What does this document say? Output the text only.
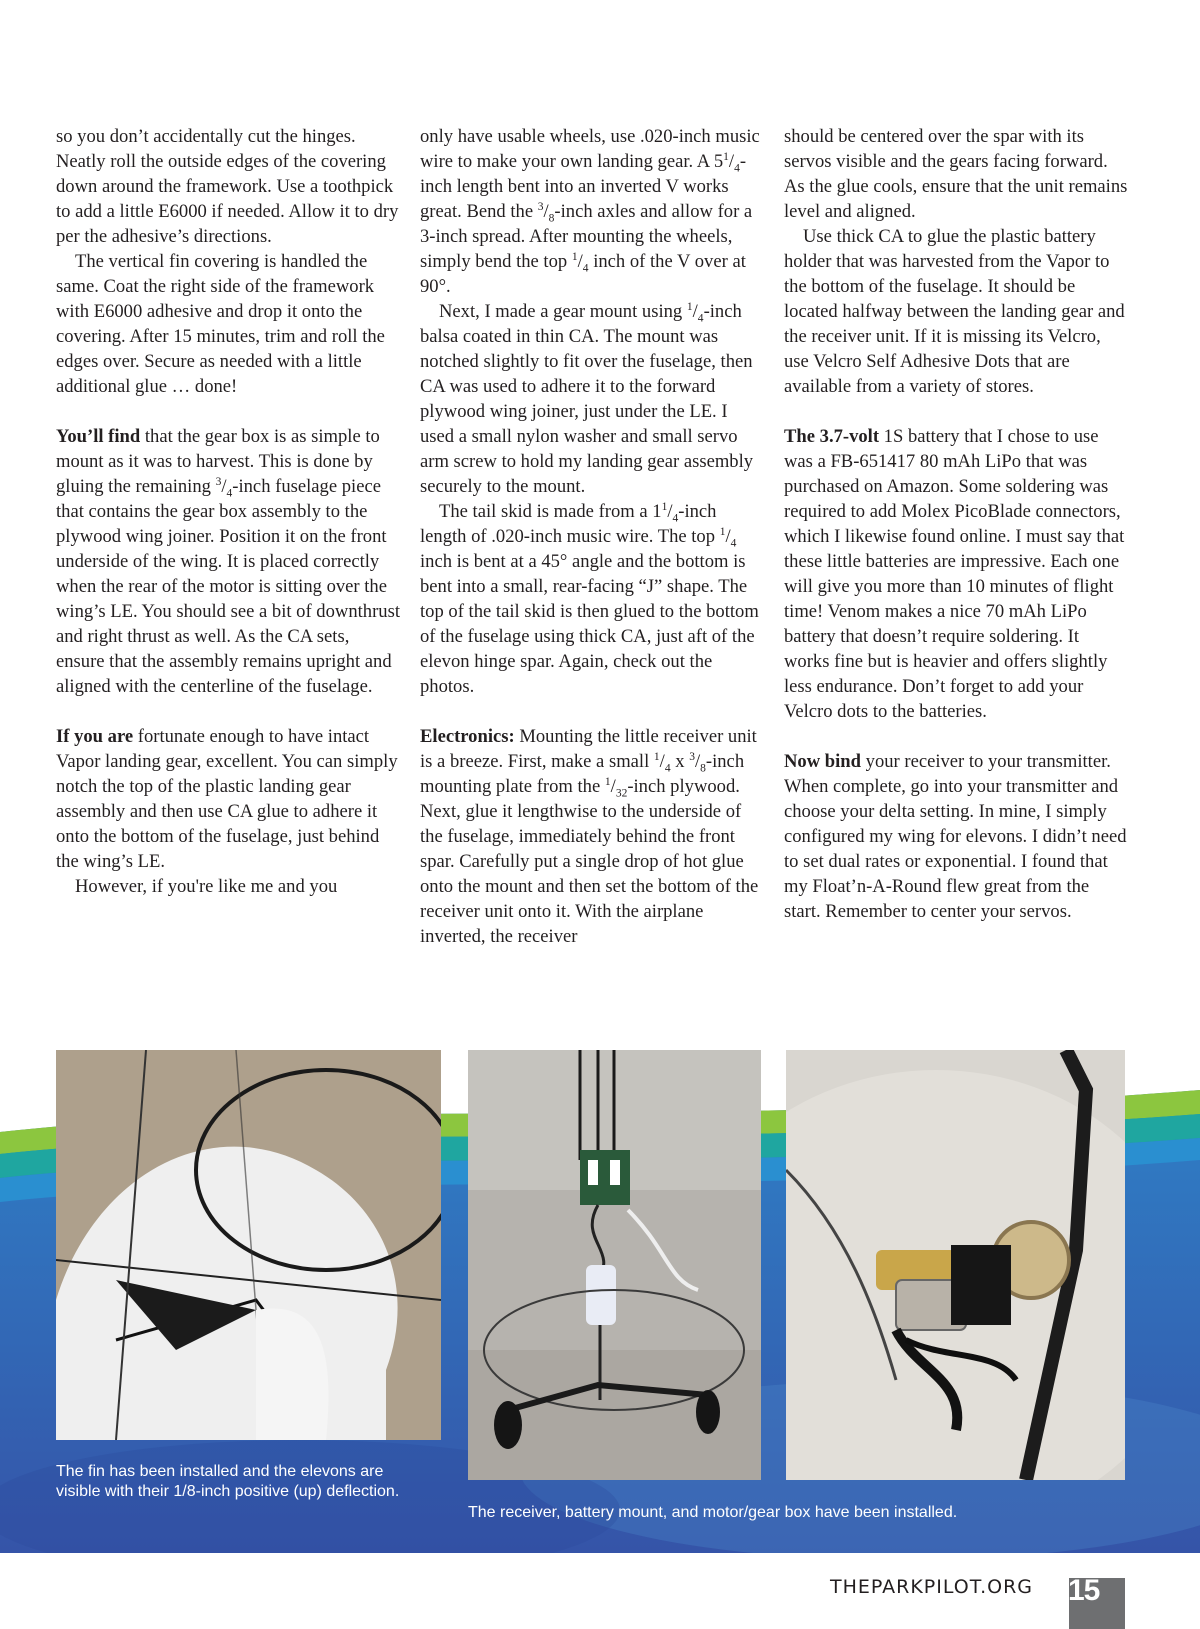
so you don’t accidentally cut the hinges. Neatly roll the outside edges of the covering down around the framework. Use a toothpick to add a little E6000 if needed. Allow it to dry per the adhesive’s directions.

The vertical fin covering is handled the same. Coat the right side of the framework with E6000 adhesive and drop it onto the covering. After 15 minutes, trim and roll the edges over. Secure as needed with a little additional glue … done!

You’ll find that the gear box is as simple to mount as it was to harvest. This is done by gluing the remaining $^3/_4$-inch fuselage piece that contains the gear box assembly to the plywood wing joiner. Position it on the front underside of the wing. It is placed correctly when the rear of the motor is sitting over the wing’s LE. You should see a bit of downthrust and right thrust as well. As the CA sets, ensure that the assembly remains upright and aligned with the centerline of the fuselage.

If you are fortunate enough to have intact Vapor landing gear, excellent. You can simply notch the top of the plastic landing gear assembly and then use CA glue to adhere it onto the bottom of the fuselage, just behind the wing’s LE.

However, if you're like me and you

only have usable wheels, use .020-inch music wire to make your own landing gear. A $5^1/_4$-inch length bent into an inverted V works great. Bend the $^3/_8$-inch axles and allow for a 3-inch spread. After mounting the wheels, simply bend the top $^1/_4$ inch of the V over at 90°.

Next, I made a gear mount using $^1/_4$-inch balsa coated in thin CA. The mount was notched slightly to fit over the fuselage, then CA was used to adhere it to the forward plywood wing joiner, just under the LE. I used a small nylon washer and small servo arm screw to hold my landing gear assembly securely to the mount.

The tail skid is made from a $1^1/_4$-inch length of .020-inch music wire. The top $^1/_4$ inch is bent at a 45° angle and the bottom is bent into a small, rear-facing “J” shape. The top of the tail skid is then glued to the bottom of the fuselage using thick CA, just aft of the elevon hinge spar. Again, check out the photos.

Electronics: Mounting the little receiver unit is a breeze. First, make a small $^1/_4$ x $^3/_8$-inch mounting plate from the $^1/_{32}$-inch plywood. Next, glue it lengthwise to the underside of the fuselage, immediately behind the front spar. Carefully put a single drop of hot glue onto the mount and then set the bottom of the receiver unit onto it. With the airplane inverted, the receiver

should be centered over the spar with its servos visible and the gears facing forward. As the glue cools, ensure that the unit remains level and aligned.

Use thick CA to glue the plastic battery holder that was harvested from the Vapor to the bottom of the fuselage. It should be located halfway between the landing gear and the receiver unit. If it is missing its Velcro, use Velcro Self Adhesive Dots that are available from a variety of stores.

The 3.7-volt 1S battery that I chose to use was a FB-651417 80 mAh LiPo that was purchased on Amazon. Some soldering was required to add Molex PicoBlade connectors, which I likewise found online. I must say that these little batteries are impressive. Each one will give you more than 10 minutes of flight time! Venom makes a nice 70 mAh LiPo battery that doesn’t require soldering. It works fine but is heavier and offers slightly less endurance. Don’t forget to add your Velcro dots to the batteries.

Now bind your receiver to your transmitter. When complete, go into your transmitter and choose your delta setting. In mine, I simply configured my wing for elevons. I didn’t need to set dual rates or exponential. I found that my Float’n-A-Round flew great from the start. Remember to center your servos.

The fin has been installed and the elevons are visible with their 1/8-inch positive (up) deflection.
The receiver, battery mount, and motor/gear box have been installed.
THEPARKPILOT.ORG 15
